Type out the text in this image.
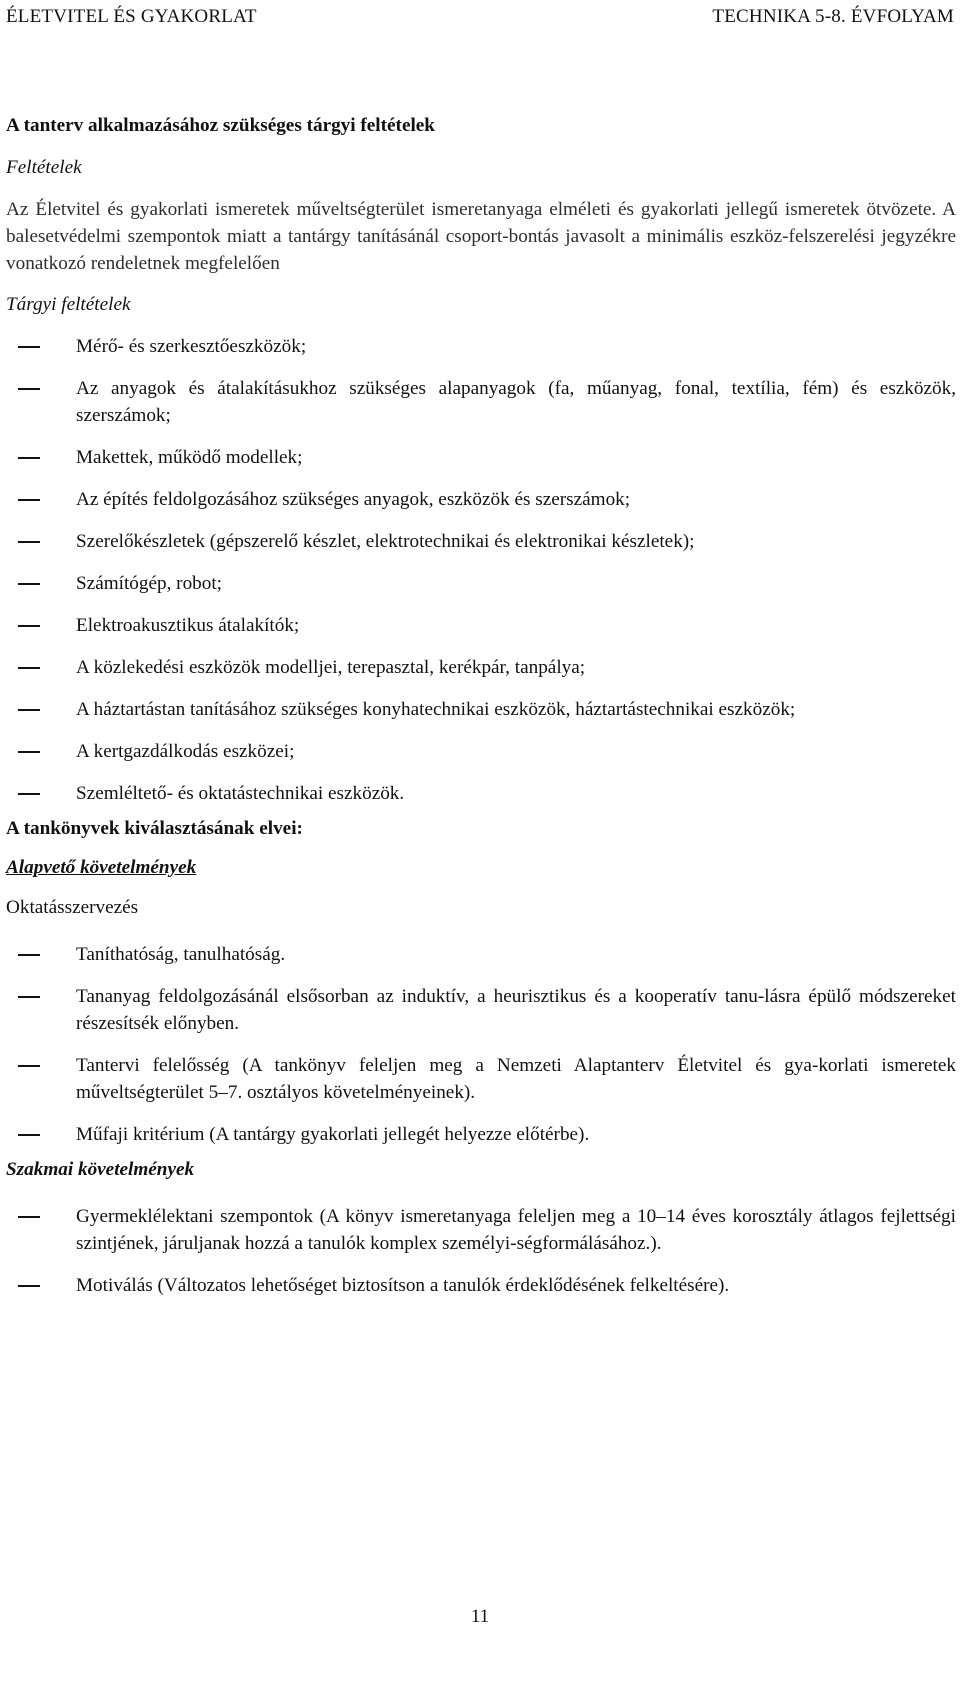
ÉLETVITEL ÉS GYAKORLAT	TECHNIKA 5-8. ÉVFOLYAM
A tanterv alkalmazásához szükséges tárgyi feltételek
Feltételek
Az Életvitel és gyakorlati ismeretek műveltségterület ismeretanyaga elméleti és gyakorlati jellegű ismeretek ötvözete. A balesetvédelmi szempontok miatt a tantárgy tanításánál csoport-bontás javasolt a minimális eszköz-felszerelési jegyzékre vonatkozó rendeletnek megfelelően
Tárgyi feltételek
Mérő- és szerkesztőeszközök;
Az anyagok és átalakításukhoz szükséges alapanyagok (fa, műanyag, fonal, textília, fém) és eszközök, szerszámok;
Makettek, működő modellek;
Az építés feldolgozásához szükséges anyagok, eszközök és szerszámok;
Szerelőkészletek (gépszerelő készlet, elektrotechnikai és elektronikai készletek);
Számítógép, robot;
Elektroakusztikus átalakítók;
A közlekedési eszközök modelljei, terepasztal, kerékpár, tanpálya;
A háztartástan tanításához szükséges konyhatechnikai eszközök, háztartástechnikai eszközök;
A kertgazdálkodás eszközei;
Szemléltető- és oktatástechnikai eszközök.
A tankönyvek kiválasztásának elvei:
Alapvető követelmények
Oktatásszervezés
Taníthatóság, tanulhatóság.
Tananyag feldolgozásánál elsősorban az induktív, a heurisztikus és a kooperatív tanu-lásra épülő módszereket részesítsék előnyben.
Tantervi felelősség (A tankönyv feleljen meg a Nemzeti Alaptanterv Életvitel és gya-korlati ismeretek műveltségterület 5–7. osztályos követelményeinek).
Műfaji kritérium (A tantárgy gyakorlati jellegét helyezze előtérbe).
Szakmai követelmények
Gyermeklélektani szempontok (A könyv ismeretanyaga feleljen meg a 10–14 éves korosztály átlagos fejlettségi szintjének, járuljanak hozzá a tanulók komplex személyi-ségformálásához.).
Motiválás (Változatos lehetőséget biztosítson a tanulók érdeklődésének felkeltésére).
11
